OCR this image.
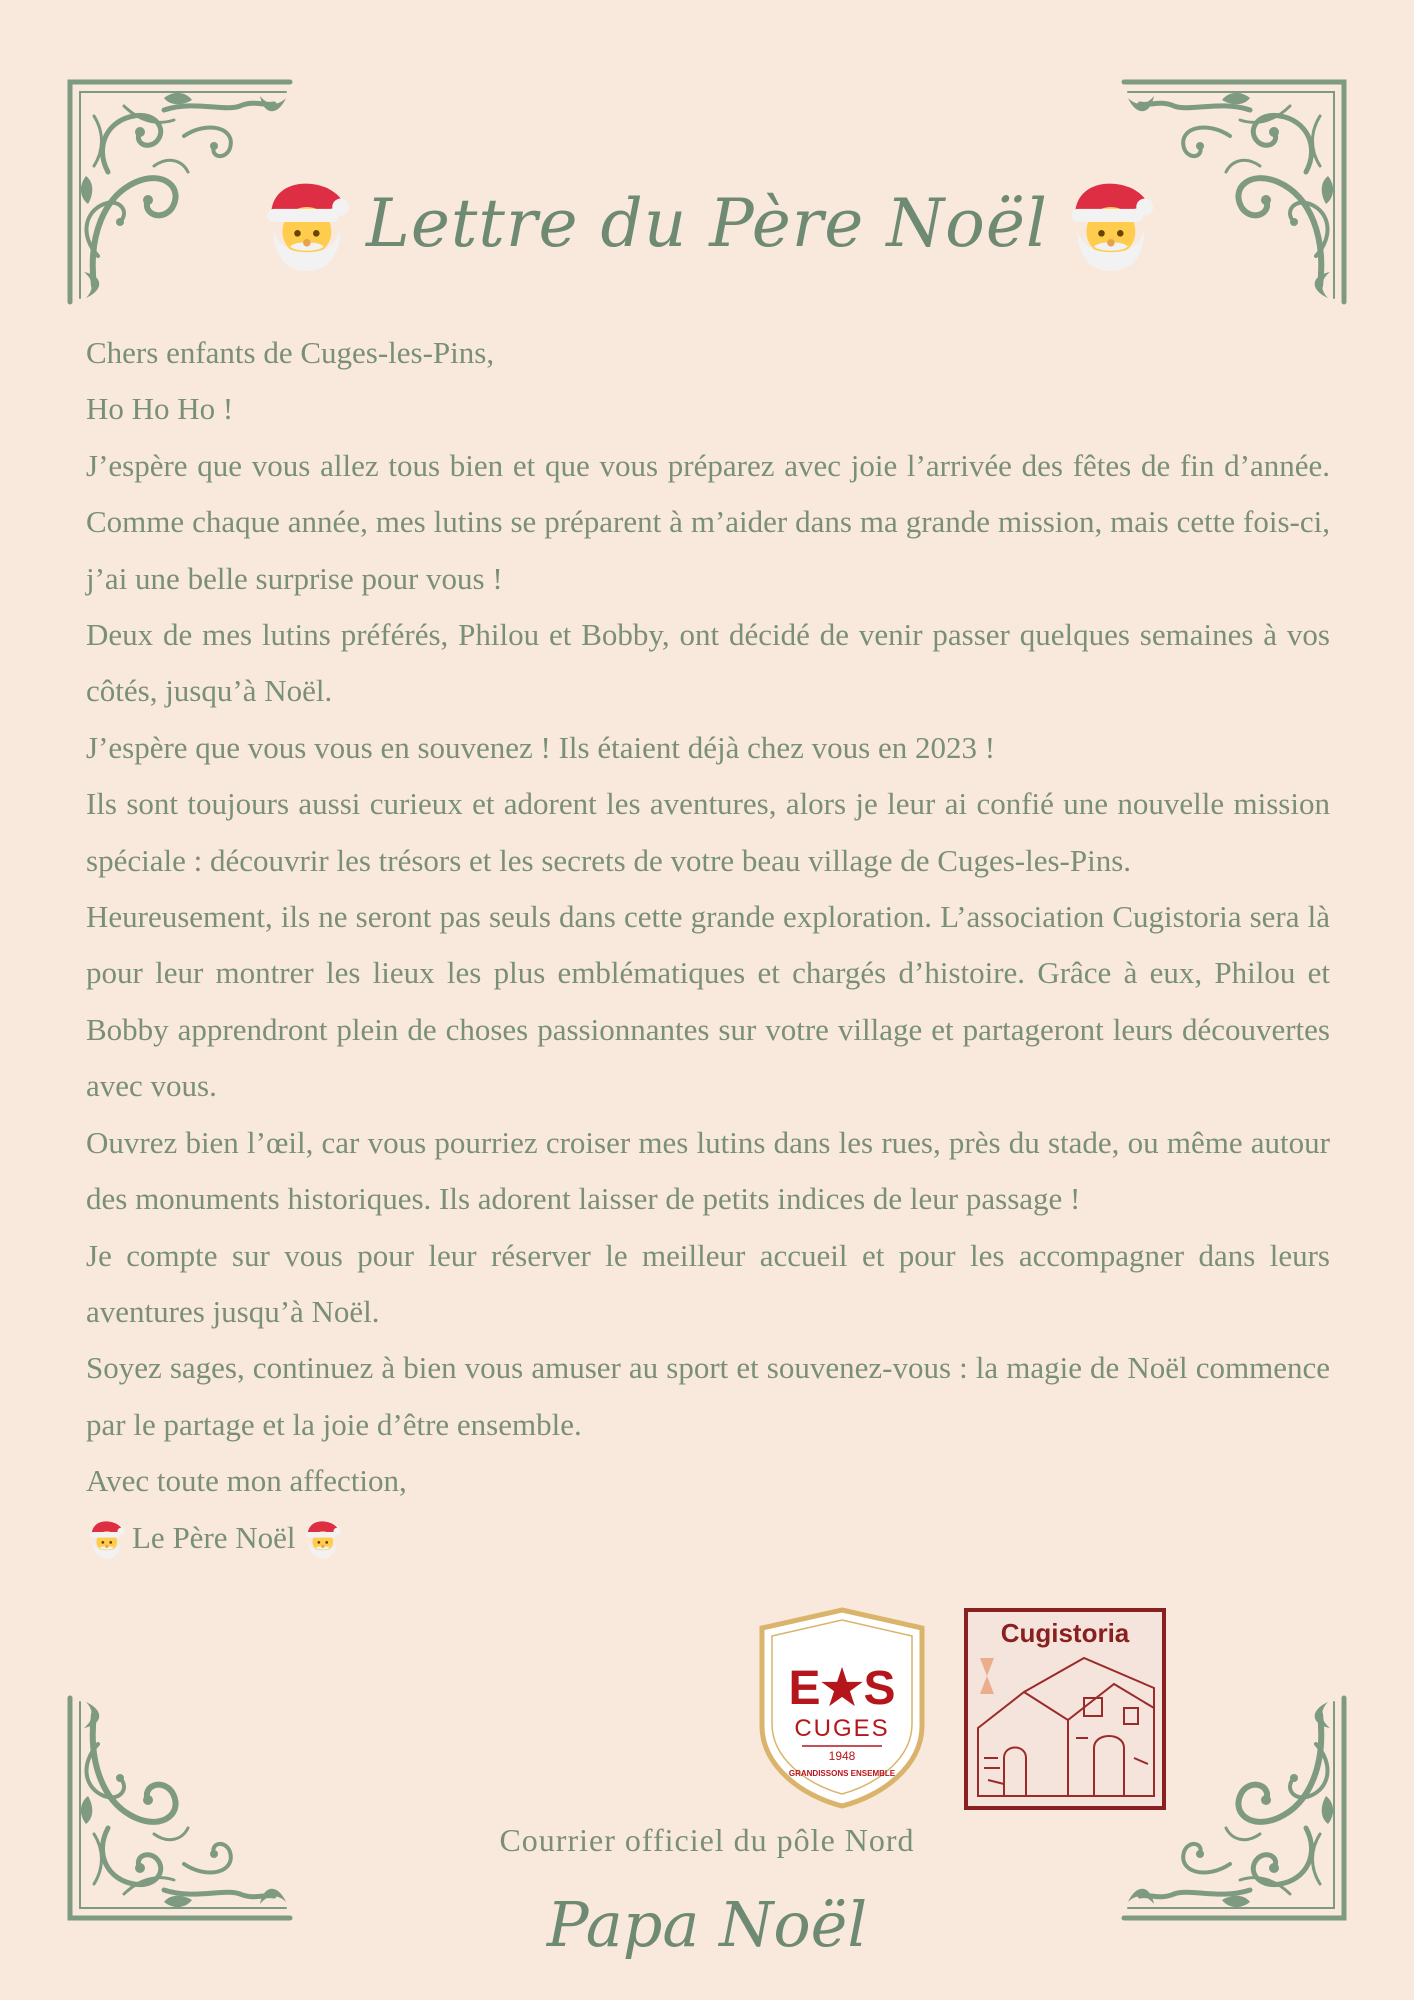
Lettre du Père Noël

Chers enfants de Cuges-les-Pins,

Ho Ho Ho !

J’espère que vous allez tous bien et que vous préparez avec joie l’arrivée des fêtes de fin d’année. Comme chaque année, mes lutins se préparent à m’aider dans ma grande mission, mais cette fois-ci, j’ai une belle surprise pour vous !

Deux de mes lutins préférés, Philou et Bobby, ont décidé de venir passer quelques semaines à vos côtés, jusqu’à Noël.

J’espère que vous vous en souvenez ! Ils étaient déjà chez vous en 2023 !

Ils sont toujours aussi curieux et adorent les aventures, alors je leur ai confié une nouvelle mission spéciale : découvrir les trésors et les secrets de votre beau village de Cuges-les-Pins.

Heureusement, ils ne seront pas seuls dans cette grande exploration. L’association Cugistoria sera là pour leur montrer les lieux les plus emblématiques et chargés d’histoire. Grâce à eux, Philou et Bobby apprendront plein de choses passionnantes sur votre village et partageront leurs découvertes avec vous.

Ouvrez bien l’œil, car vous pourriez croiser mes lutins dans les rues, près du stade, ou même autour des monuments historiques. Ils adorent laisser de petits indices de leur passage !

Je compte sur vous pour leur réserver le meilleur accueil et pour les accompagner dans leurs aventures jusqu’à Noël.

Soyez sages, continuez à bien vous amuser au sport et souvenez-vous : la magie de Noël commence par le partage et la joie d’être ensemble.

Avec toute mon affection,

Le Père Noël

E★S
CUGES
1948
GRANDISSONS ENSEMBLE
Cugistoria
Courrier officiel du pôle Nord
Papa Noël
